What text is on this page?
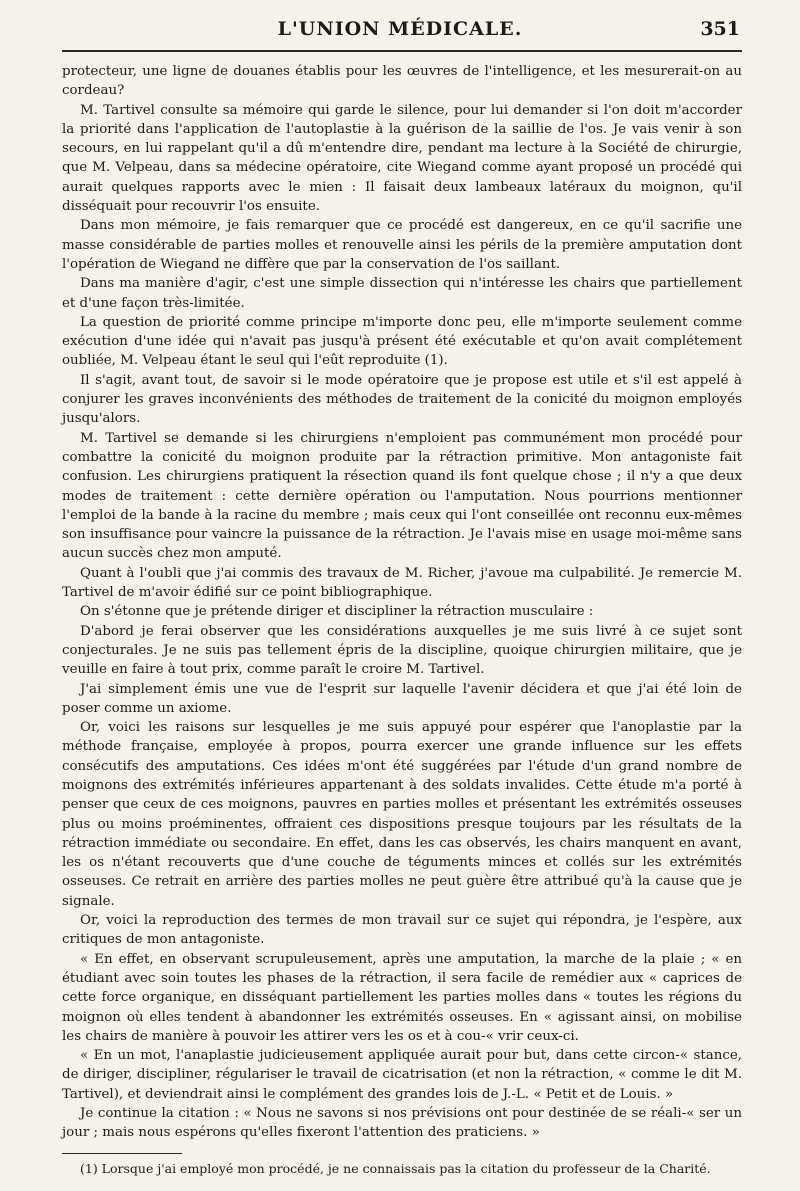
L'UNION MÉDICALE.	351

protecteur, une ligne de douanes établis pour les œuvres de l'intelligence, et les mesurerait-on au cordeau?

M. Tartivel consulte sa mémoire qui garde le silence, pour lui demander si l'on doit m'accorder la priorité dans l'application de l'autoplastie à la guérison de la saillie de l'os. Je vais venir à son secours, en lui rappelant qu'il a dû m'entendre dire, pendant ma lecture à la Société de chirurgie, que M. Velpeau, dans sa médecine opératoire, cite Wiegand comme ayant proposé un procédé qui aurait quelques rapports avec le mien : Il faisait deux lambeaux latéraux du moignon, qu'il disséquait pour recouvrir l'os ensuite.

Dans mon mémoire, je fais remarquer que ce procédé est dangereux, en ce qu'il sacrifie une masse considérable de parties molles et renouvelle ainsi les périls de la première amputation dont l'opération de Wiegand ne diffère que par la conservation de l'os saillant.

Dans ma manière d'agir, c'est une simple dissection qui n'intéresse les chairs que partiellement et d'une façon très-limitée.

La question de priorité comme principe m'importe donc peu, elle m'importe seulement comme exécution d'une idée qui n'avait pas jusqu'à présent été exécutable et qu'on avait complétement oubliée, M. Velpeau étant le seul qui l'eût reproduite (1).

Il s'agit, avant tout, de savoir si le mode opératoire que je propose est utile et s'il est appelé à conjurer les graves inconvénients des méthodes de traitement de la conicité du moignon employés jusqu'alors.

M. Tartivel se demande si les chirurgiens n'emploient pas communément mon procédé pour combattre la conicité du moignon produite par la rétraction primitive. Mon antagoniste fait confusion. Les chirurgiens pratiquent la résection quand ils font quelque chose ; il n'y a que deux modes de traitement : cette dernière opération ou l'amputation. Nous pourrions mentionner l'emploi de la bande à la racine du membre ; mais ceux qui l'ont conseillée ont reconnu eux-mêmes son insuffisance pour vaincre la puissance de la rétraction. Je l'avais mise en usage moi-même sans aucun succès chez mon amputé.

Quant à l'oubli que j'ai commis des travaux de M. Richer, j'avoue ma culpabilité. Je remercie M. Tartivel de m'avoir édifié sur ce point bibliographique.

On s'étonne que je prétende diriger et discipliner la rétraction musculaire :

D'abord je ferai observer que les considérations auxquelles je me suis livré à ce sujet sont conjecturales. Je ne suis pas tellement épris de la discipline, quoique chirurgien militaire, que je veuille en faire à tout prix, comme paraît le croire M. Tartivel.

J'ai simplement émis une vue de l'esprit sur laquelle l'avenir décidera et que j'ai été loin de poser comme un axiome.

Or, voici les raisons sur lesquelles je me suis appuyé pour espérer que l'anoplastie par la méthode française, employée à propos, pourra exercer une grande influence sur les effets consécutifs des amputations. Ces idées m'ont été suggérées par l'étude d'un grand nombre de moignons des extrémités inférieures appartenant à des soldats invalides. Cette étude m'a porté à penser que ceux de ces moignons, pauvres en parties molles et présentant les extrémités osseuses plus ou moins proéminentes, offraient ces dispositions presque toujours par les résultats de la rétraction immédiate ou secondaire. En effet, dans les cas observés, les chairs manquent en avant, les os n'étant recouverts que d'une couche de téguments minces et collés sur les extrémités osseuses. Ce retrait en arrière des parties molles ne peut guère être attribué qu'à la cause que je signale.

Or, voici la reproduction des termes de mon travail sur ce sujet qui répondra, je l'espère, aux critiques de mon antagoniste.

« En effet, en observant scrupuleusement, après une amputation, la marche de la plaie ; « en étudiant avec soin toutes les phases de la rétraction, il sera facile de remédier aux « caprices de cette force organique, en disséquant partiellement les parties molles dans « toutes les régions du moignon où elles tendent à abandonner les extrémités osseuses. En « agissant ainsi, on mobilise les chairs de manière à pouvoir les attirer vers les os et à cou-« vrir ceux-ci.

« En un mot, l'anaplastie judicieusement appliquée aurait pour but, dans cette circon-« stance, de diriger, discipliner, régulariser le travail de cicatrisation (et non la rétraction, « comme le dit M. Tartivel), et deviendrait ainsi le complément des grandes lois de J.-L. « Petit et de Louis. »

Je continue la citation : « Nous ne savons si nos prévisions ont pour destinée de se réali-« ser un jour ; mais nous espérons qu'elles fixeront l'attention des praticiens. »

(1) Lorsque j'ai employé mon procédé, je ne connaissais pas la citation du professeur de la Charité.
